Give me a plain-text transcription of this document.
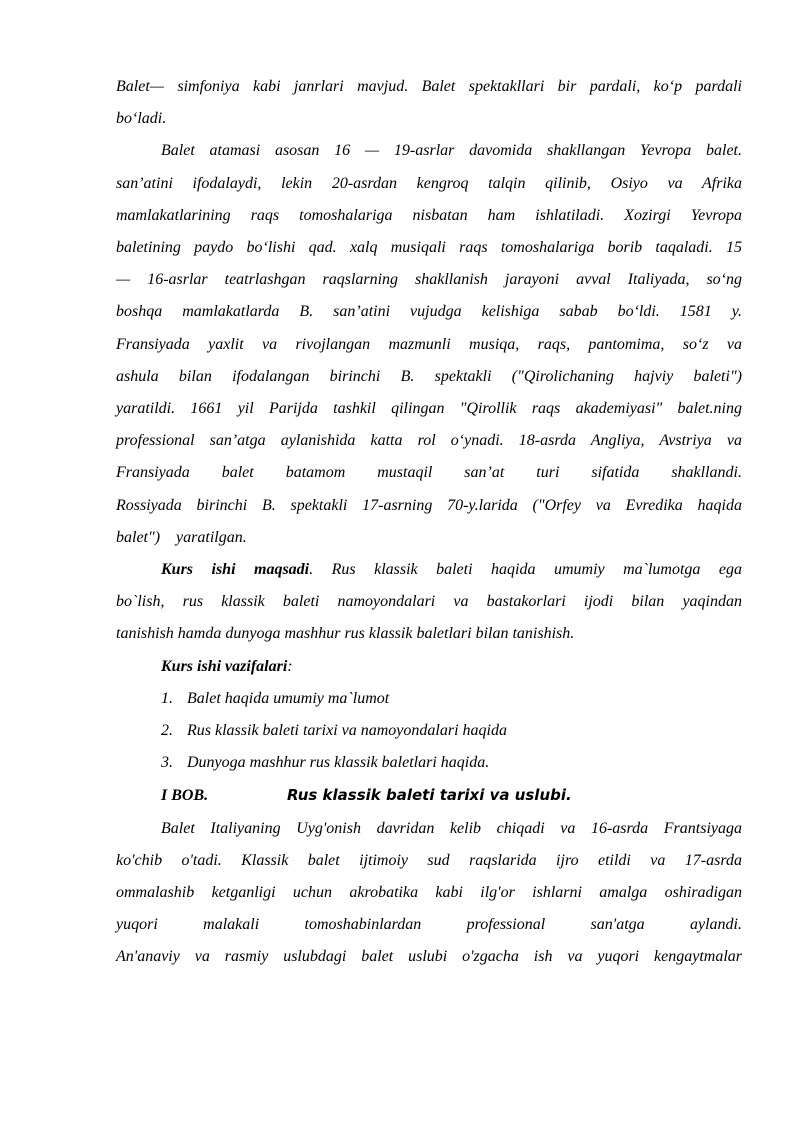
Balet— simfoniya kabi janrlari mavjud. Balet spektakllari bir pardali, ko‘p pardali

bo‘ladi.

Balet atamasi asosan 16 — 19-asrlar davomida shakllangan Yevropa balet.

san’atini ifodalaydi, lekin 20-asrdan kengroq talqin qilinib, Osiyo va Afrika

mamlakatlarining raqs tomoshalariga nisbatan ham ishlatiladi. Xozirgi Yevropa

baletining paydo bo‘lishi qad. xalq musiqali raqs tomoshalariga borib taqaladi. 15

— 16-asrlar teatrlashgan raqslarning shakllanish jarayoni avval Italiyada, so‘ng

boshqa mamlakatlarda B. san’atini vujudga kelishiga sabab bo‘ldi. 1581 y.

Fransiyada yaxlit va rivojlangan mazmunli musiqa, raqs, pantomima, so‘z va

ashula bilan ifodalangan birinchi B. spektakli ("Qirolichaning hajviy baleti")

yaratildi. 1661 yil Parijda tashkil qilingan "Qirollik raqs akademiyasi" balet.ning

professional san’atga aylanishida katta rol o‘ynadi. 18-asrda Angliya, Avstriya va

Fransiyada balet batamom mustaqil san’at turi sifatida shakllandi.

Rossiyada birinchi B. spektakli 17-asrning 70-y.larida ("Orfey va Evredika haqida

balet")    yaratilgan.

Kurs ishi maqsadi. Rus klassik baleti haqida umumiy ma`lumotga ega

bo`lish, rus klassik baleti namoyondalari va bastakorlari ijodi bilan yaqindan

tanishish hamda dunyoga mashhur rus klassik baletlari bilan tanishish.

Kurs ishi vazifalari:

1. Balet haqida umumiy ma`lumot
2. Rus klassik baleti tarixi va namoyondalari haqida
3. Dunyoga mashhur rus klassik baletlari haqida.
I BOB.	Rus klassik baleti tarixi va uslubi.

Balet Italiyaning Uyg'onish davridan kelib chiqadi va 16-asrda Frantsiyaga

ko'chib o'tadi. Klassik balet ijtimoiy sud raqslarida ijro etildi va 17-asrda

ommalashib ketganligi uchun akrobatika kabi ilg'or ishlarni amalga oshiradigan

yuqori malakali tomoshabinlardan professional san'atga aylandi.

An'anaviy va rasmiy uslubdagi balet uslubi o'zgacha ish va yuqori kengaytmalar
